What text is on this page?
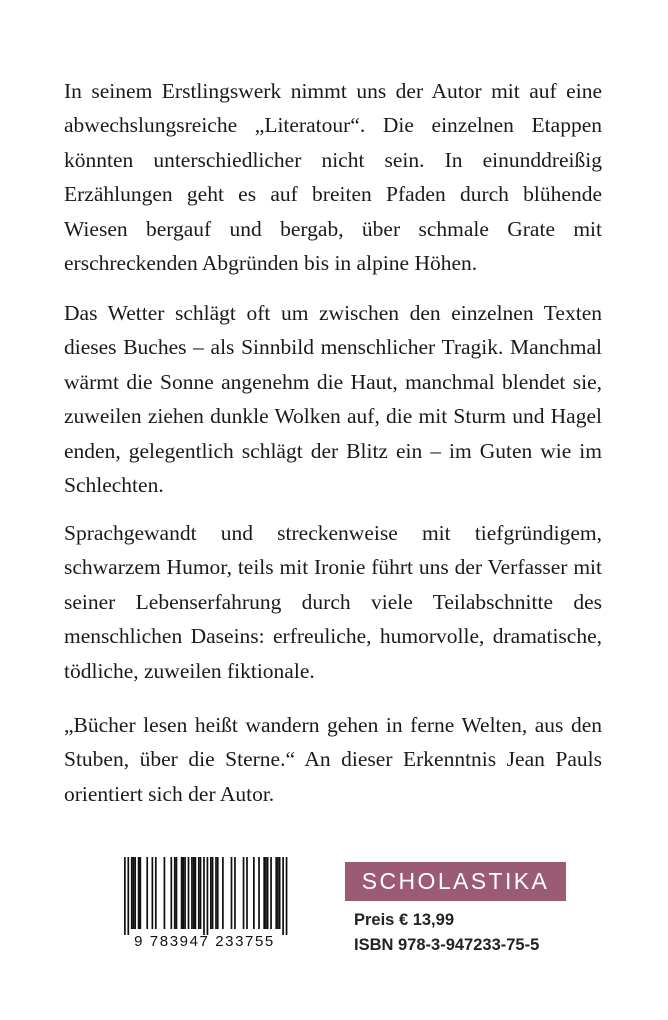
In seinem Erstlingswerk nimmt uns der Autor mit auf eine abwechslungsreiche „Literatour“. Die einzelnen Etappen könnten unterschiedlicher nicht sein. In einunddreißig Erzählungen geht es auf breiten Pfaden durch blühende Wiesen bergauf und bergab, über schmale Grate mit erschreckenden Abgründen bis in alpine Höhen.

Das Wetter schlägt oft um zwischen den einzelnen Texten dieses Buches – als Sinnbild menschlicher Tragik. Manchmal wärmt die Sonne angenehm die Haut, manchmal blendet sie, zuweilen ziehen dunkle Wolken auf, die mit Sturm und Hagel enden, gelegentlich schlägt der Blitz ein – im Guten wie im Schlechten.

Sprachgewandt und streckenweise mit tiefgründigem, schwarzem Humor, teils mit Ironie führt uns der Verfasser mit seiner Lebenserfahrung durch viele Teilabschnitte des menschlichen Daseins: erfreuliche, humorvolle, dramatische, tödliche, zuweilen fiktionale.

„Bücher lesen heißt wandern gehen in ferne Welten, aus den Stuben, über die Sterne.“ An dieser Erkenntnis Jean Pauls orientiert sich der Autor.

9 783947 233755
SCHOLASTIKA
Preis € 13,99
ISBN 978-3-947233-75-5
